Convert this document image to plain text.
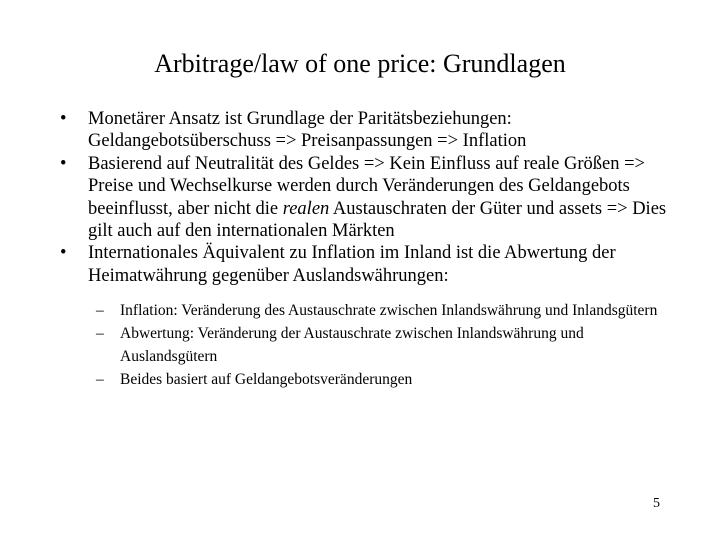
Arbitrage/law of one price: Grundlagen
•	Monetärer Ansatz ist Grundlage der Paritätsbeziehungen: Geldangebotsüberschuss => Preisanpassungen => Inflation
•	Basierend auf Neutralität des Geldes => Kein Einfluss auf reale Größen => Preise und Wechselkurse werden durch Veränderungen des Geldangebots beeinflusst, aber nicht die realen Austauschraten der Güter und assets => Dies gilt auch auf den internationalen Märkten
•	Internationales Äquivalent zu Inflation im Inland ist die Abwertung der Heimatwährung gegenüber Auslandswährungen:
–	Inflation: Veränderung des Austauschrate zwischen Inlandswährung und Inlandsgütern
–	Abwertung: Veränderung der Austauschrate zwischen Inlandswährung und Auslandsgütern
–	Beides basiert auf Geldangebotsveränderungen
5
